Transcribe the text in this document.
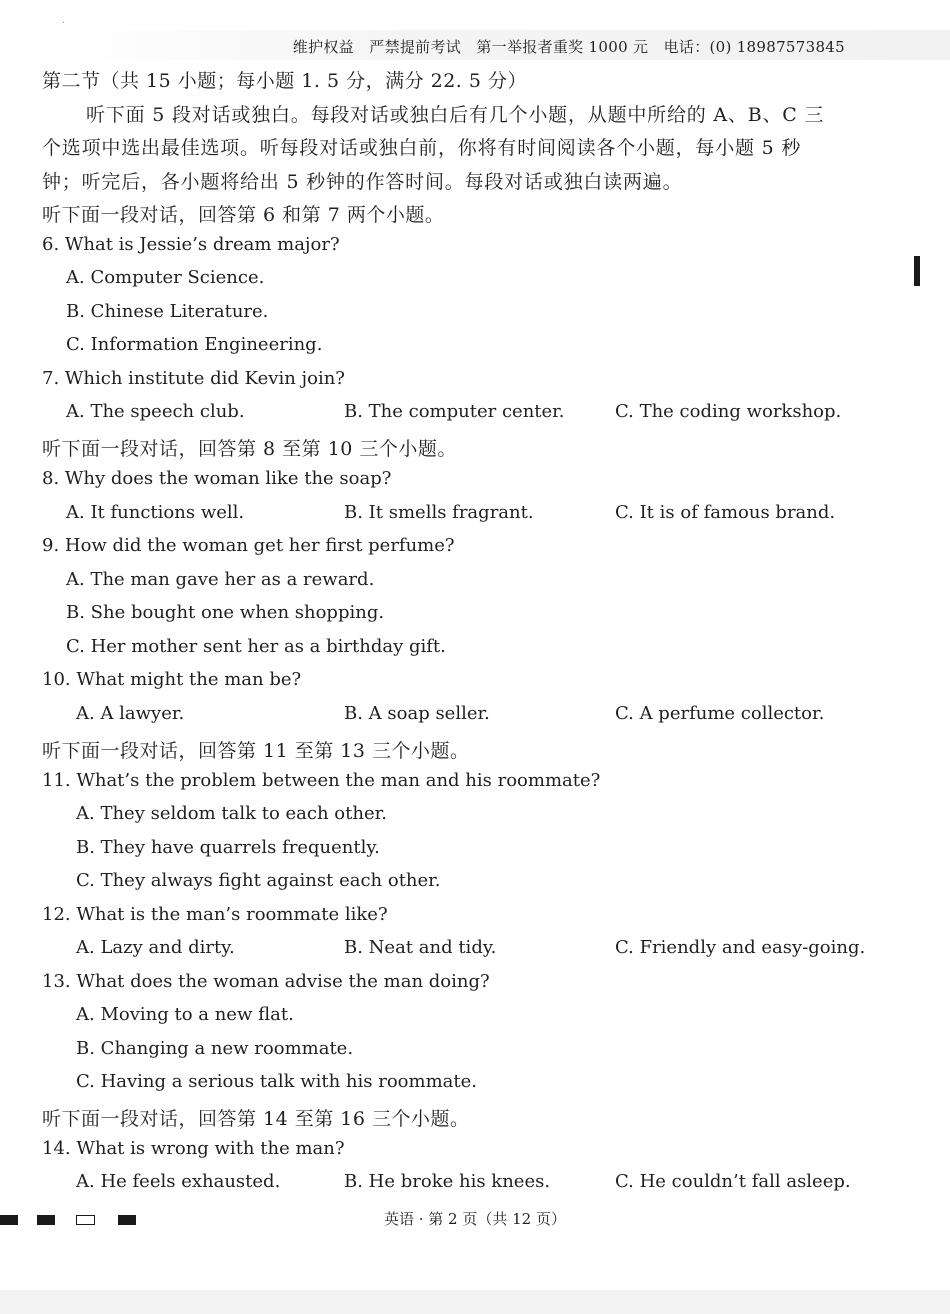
·
维护权益　严禁提前考试　第一举报者重奖 1000 元　电话：(0) 18987573845
第二节（共 15 小题；每小题 1. 5 分，满分 22. 5 分）
听下面 5 段对话或独白。每段对话或独白后有几个小题，从题中所给的 A、B、C 三
个选项中选出最佳选项。听每段对话或独白前，你将有时间阅读各个小题，每小题 5 秒
钟；听完后，各小题将给出 5 秒钟的作答时间。每段对话或独白读两遍。
听下面一段对话，回答第 6 和第 7 两个小题。
6. What is Jessie’s dream major?
A. Computer Science.
B. Chinese Literature.
C. Information Engineering.
7. Which institute did Kevin join?
A. The speech club.	B. The computer center.	C. The coding workshop.
听下面一段对话，回答第 8 至第 10 三个小题。
8. Why does the woman like the soap?
A. It functions well.	B. It smells fragrant.	C. It is of famous brand.
9. How did the woman get her first perfume?
A. The man gave her as a reward.
B. She bought one when shopping.
C. Her mother sent her as a birthday gift.
10. What might the man be?
A. A lawyer.	B. A soap seller.	C. A perfume collector.
听下面一段对话，回答第 11 至第 13 三个小题。
11. What’s the problem between the man and his roommate?
A. They seldom talk to each other.
B. They have quarrels frequently.
C. They always fight against each other.
12. What is the man’s roommate like?
A. Lazy and dirty.	B. Neat and tidy.	C. Friendly and easy-going.
13. What does the woman advise the man doing?
A. Moving to a new flat.
B. Changing a new roommate.
C. Having a serious talk with his roommate.
听下面一段对话，回答第 14 至第 16 三个小题。
14. What is wrong with the man?
A. He feels exhausted.	B. He broke his knees.	C. He couldn’t fall asleep.
英语 · 第 2 页（共 12 页）
